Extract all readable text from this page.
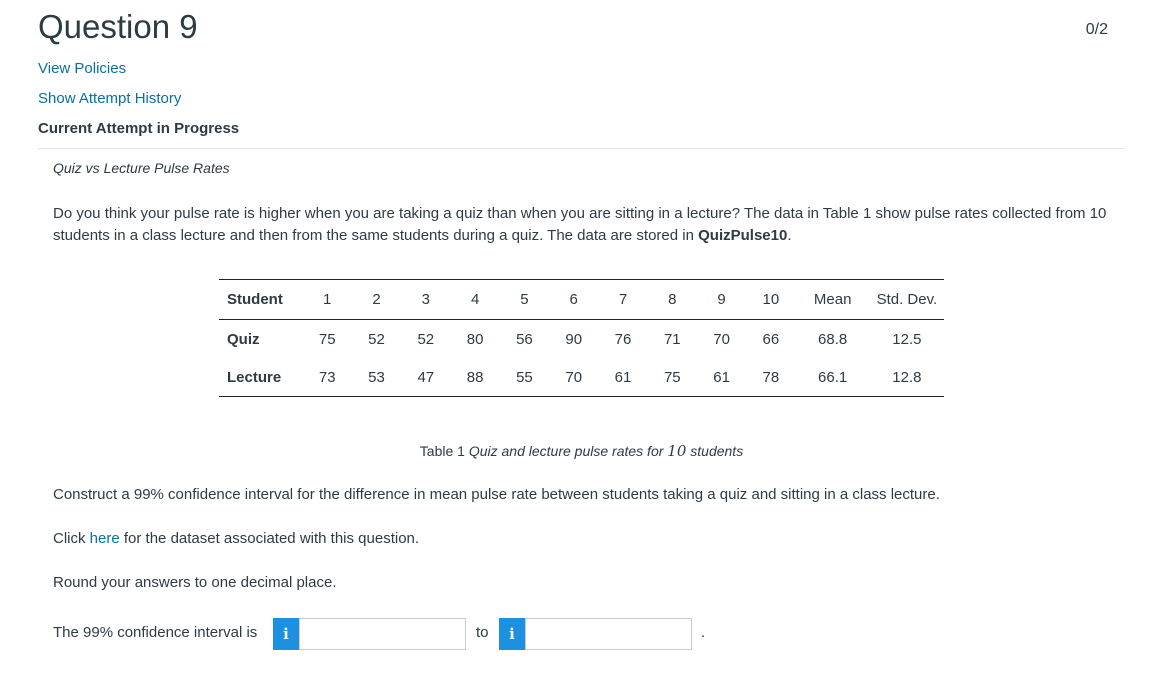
Question 9	0/2
View Policies
Show Attempt History
Current Attempt in Progress
Quiz vs Lecture Pulse Rates
Do you think your pulse rate is higher when you are taking a quiz than when you are sitting in a lecture? The data in Table 1 show pulse rates collected from 10 students in a class lecture and then from the same students during a quiz. The data are stored in QuizPulse10.
Student	1	2	3	4	5	6	7	8	9	10	Mean	Std. Dev.
Quiz	75	52	52	80	56	90	76	71	70	66	68.8	12.5
Lecture	73	53	47	88	55	70	61	75	61	78	66.1	12.8
Table 1 Quiz and lecture pulse rates for 10 students
Construct a 99% confidence interval for the difference in mean pulse rate between students taking a quiz and sitting in a class lecture.
Click here for the dataset associated with this question.
Round your answers to one decimal place.
The 99% confidence interval is	i	to	i	.
